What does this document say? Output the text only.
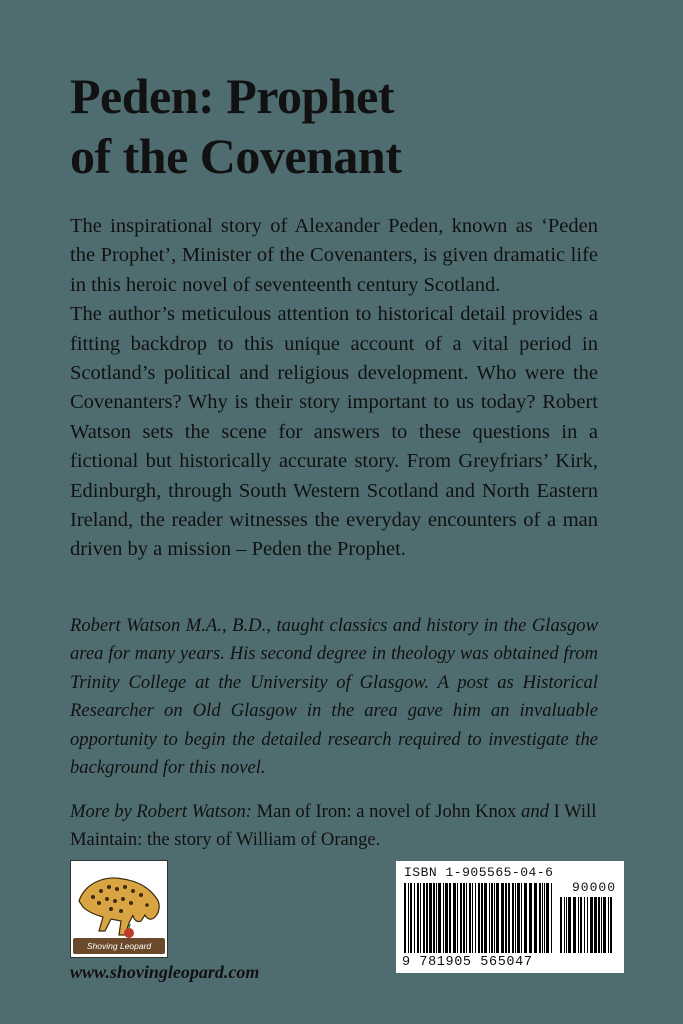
Peden: Prophet
of the Covenant

The inspirational story of Alexander Peden, known as ‘Peden the Prophet’, Minister of the Covenanters, is given dramatic life in this heroic novel of seventeenth century Scotland.

The author’s meticulous attention to historical detail provides a fitting backdrop to this unique account of a vital period in Scotland’s political and religious development. Who were the Covenanters? Why is their story important to us today? Robert Watson sets the scene for answers to these questions in a fictional but historically accurate story. From Greyfriars’ Kirk, Edinburgh, through South Western Scotland and North Eastern Ireland, the reader witnesses the everyday encounters of a man driven by a mission – Peden the Prophet.

Robert Watson M.A., B.D., taught classics and history in the Glasgow area for many years. His second degree in theology was obtained from Trinity College at the University of Glasgow. A post as Historical Researcher on Old Glasgow in the area gave him an invaluable opportunity to begin the detailed research required to investigate the background for this novel.
More by Robert Watson: Man of Iron: a novel of John Knox and I Will Maintain: the story of William of Orange.
Shoving Leopard
www.shovingleopard.com
ISBN 1-905565-04-6
90000
9 781905 565047
